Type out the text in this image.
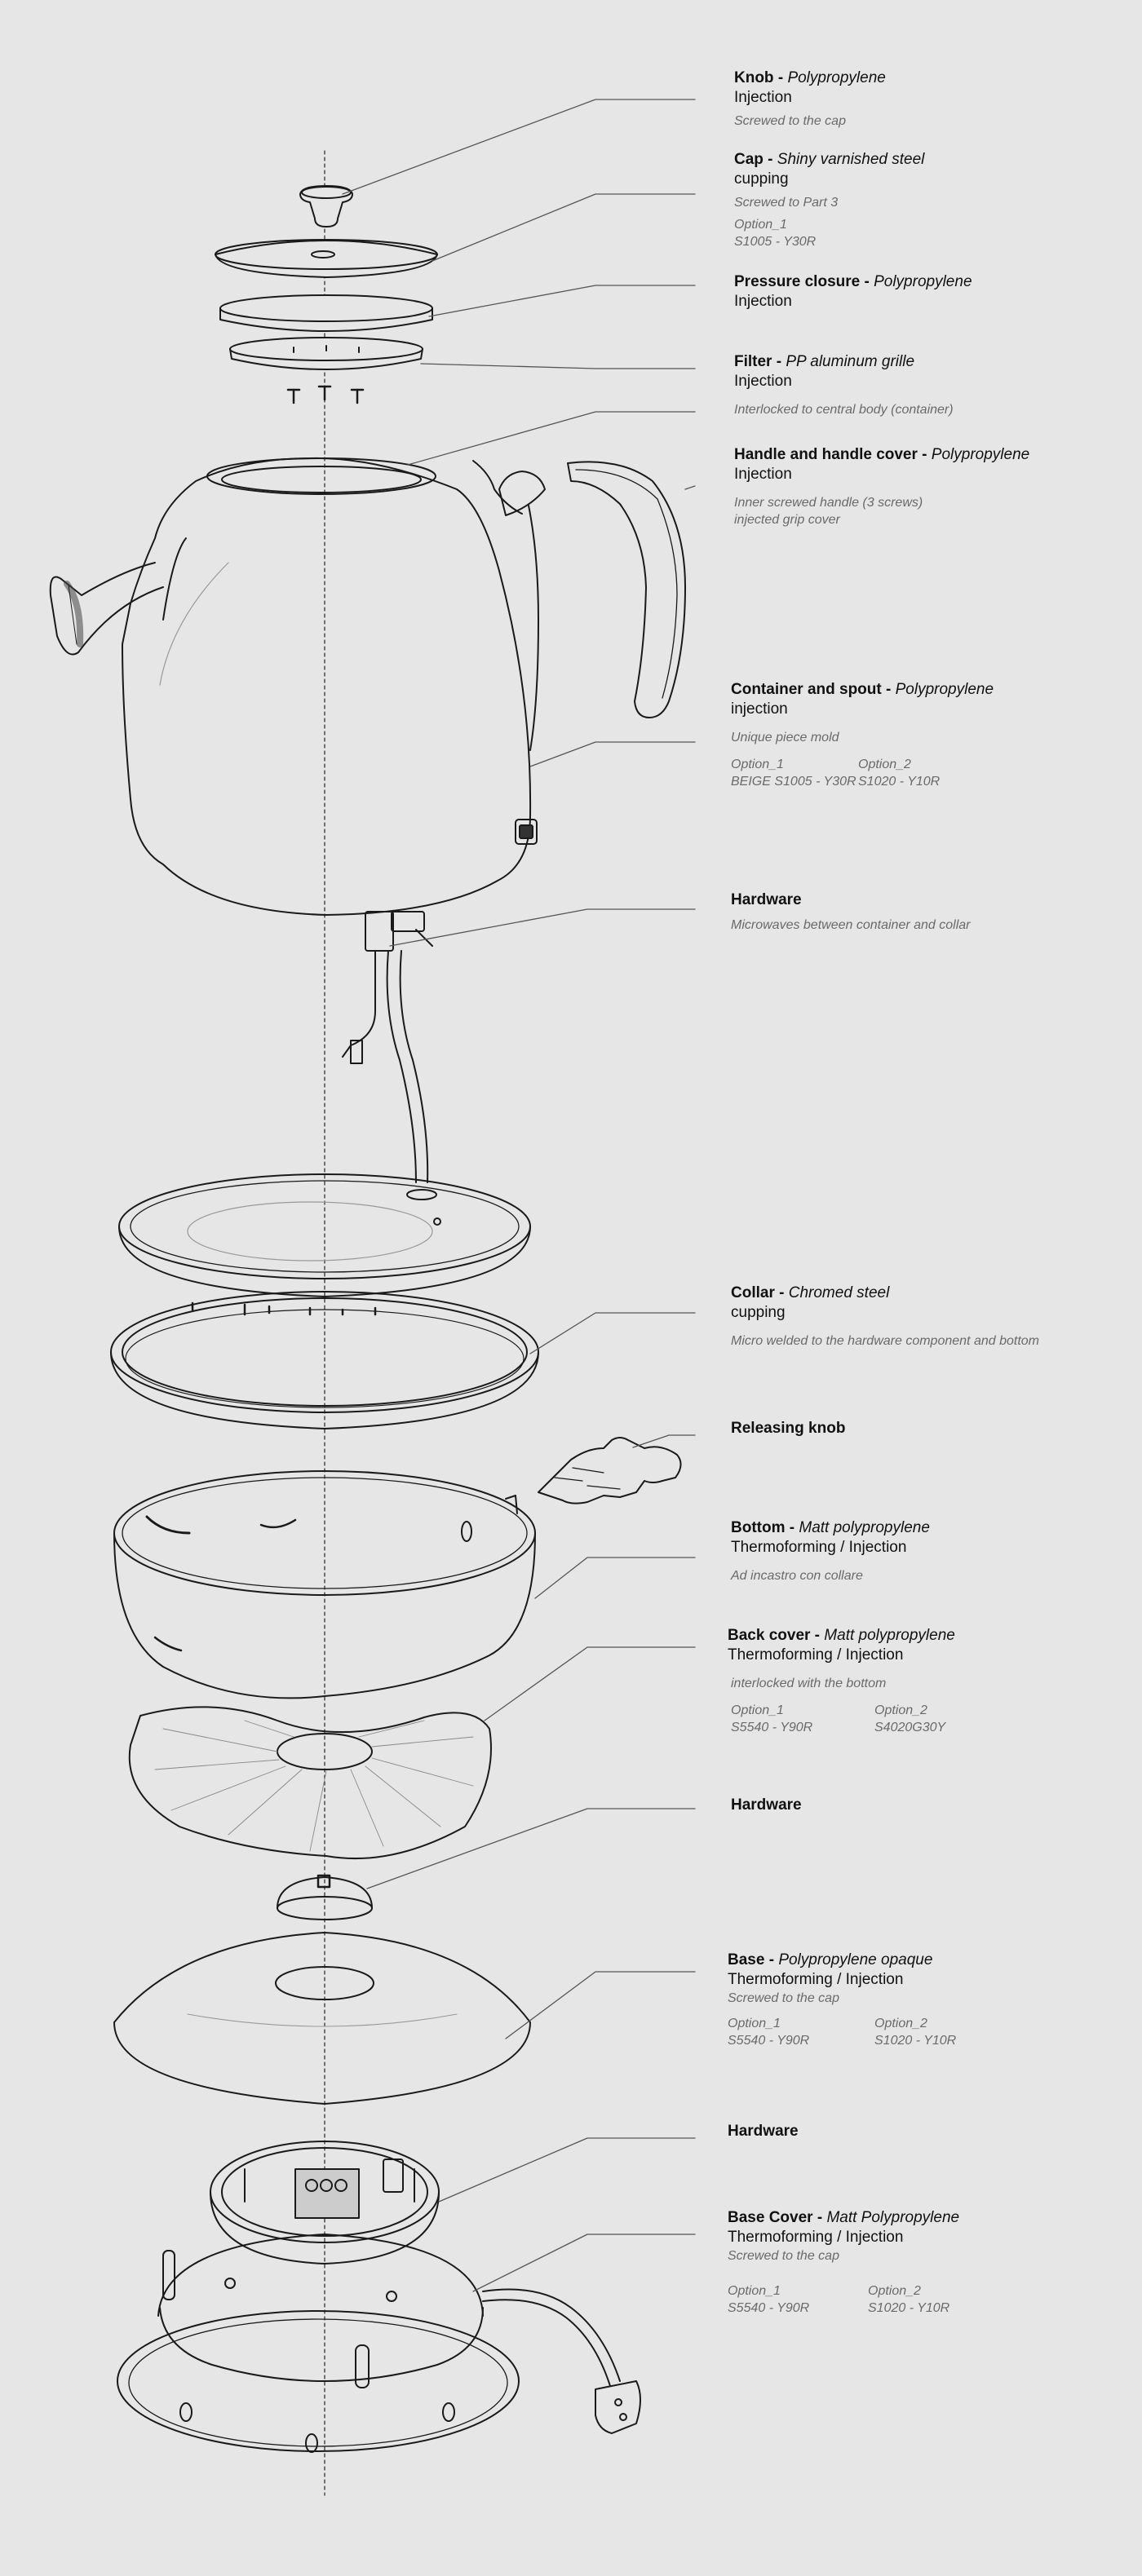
Knob - Polypropylene
Injection
Screwed to the cap
Cap - Shiny varnished steel
cupping
Screwed to Part 3
Option_1
S1005 - Y30R
Pressure closure - Polypropylene
Injection
Filter - PP aluminum grille
Injection
Interlocked to central body (container)
Handle and handle cover - Polypropylene
Injection
Inner screwed handle (3 screws)
injected grip cover
Container and spout - Polypropylene
injection
Unique piece mold
Option_1
BEIGE S1005 - Y30R
Option_2
S1020 - Y10R
Hardware
Microwaves between container and collar
Collar - Chromed steel
cupping
Micro welded to the hardware component and bottom
Releasing knob
Bottom - Matt polypropylene
Thermoforming / Injection
Ad incastro con collare
Back cover - Matt polypropylene
Thermoforming / Injection
interlocked with the bottom
Option_1
S5540 - Y90R
Option_2
S4020G30Y
Hardware
Base - Polypropylene opaque
Thermoforming / Injection
Screwed to the cap
Option_1
S5540 - Y90R
Option_2
S1020 - Y10R
Hardware
Base Cover - Matt Polypropylene
Thermoforming / Injection
Screwed to the cap
Option_1
S5540 - Y90R
Option_2
S1020 - Y10R
